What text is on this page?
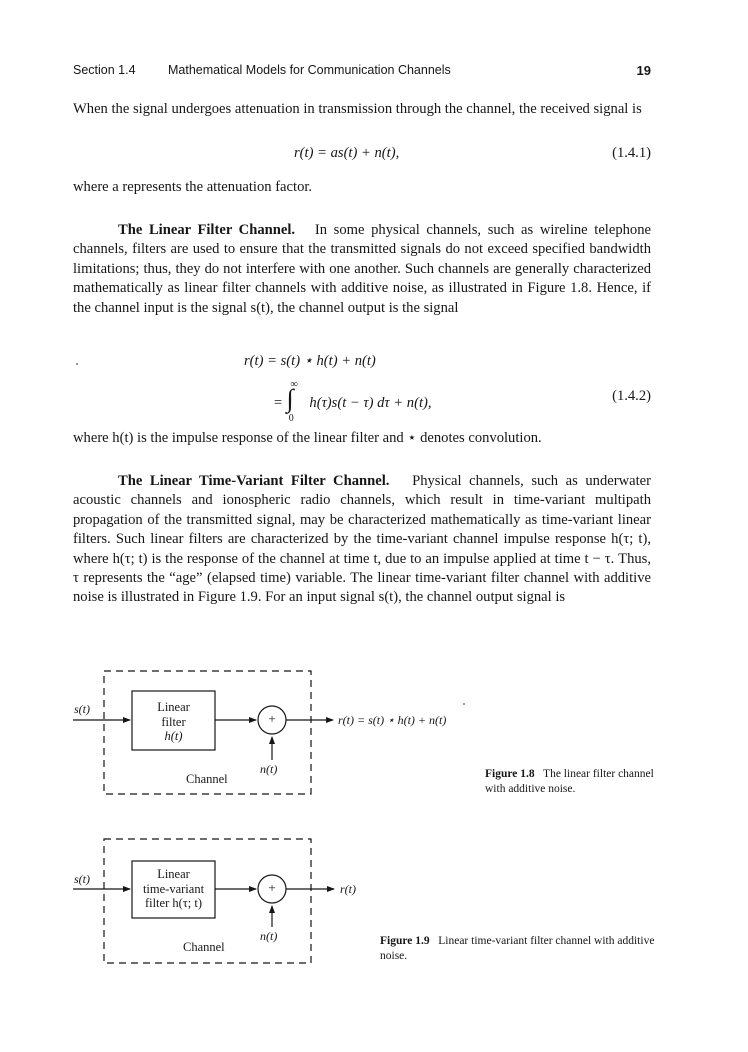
Section 1.4	Mathematical Models for Communication Channels	19

When the signal undergoes attenuation in transmission through the channel, the received signal is

r(t) = as(t) + n(t),	(1.4.1)

where a represents the attenuation factor.

The Linear Filter Channel. In some physical channels, such as wireline telephone channels, filters are used to ensure that the transmitted signals do not exceed specified bandwidth limitations; thus, they do not interfere with one another. Such channels are generally characterized mathematically as linear filter channels with additive noise, as illustrated in Figure 1.8. Hence, if the channel input is the signal s(t), the channel output is the signal

r(t) = s(t) ⋆ h(t) + n(t)
= $\int^\infty_0$ h(τ)s(t − τ) dτ + n(t),	(1.4.2)

where h(t) is the impulse response of the linear filter and ⋆ denotes convolution.

The Linear Time-Variant Filter Channel. Physical channels, such as underwater acoustic channels and ionospheric radio channels, which result in time-variant multipath propagation of the transmitted signal, may be characterized mathematically as time-variant linear filters. Such linear filters are characterized by the time-variant channel impulse response h(τ; t), where h(τ; t) is the response of the channel at time t, due to an impulse applied at time t − τ. Thus, τ represents the “age” (elapsed time) variable. The linear time-variant filter channel with additive noise is illustrated in Figure 1.9. For an input signal s(t), the channel output signal is

s(t)	Linear
filter
h(t)
+
n(t)
Channel
r(t) = s(t) ⋆ h(t) + n(t)
Figure 1.8 The linear filter channel with additive noise.
s(t)	Linear
time-variant
filter h(τ; t)
+
n(t)
Channel
r(t)
Figure 1.9 Linear time-variant filter channel with additive noise.
